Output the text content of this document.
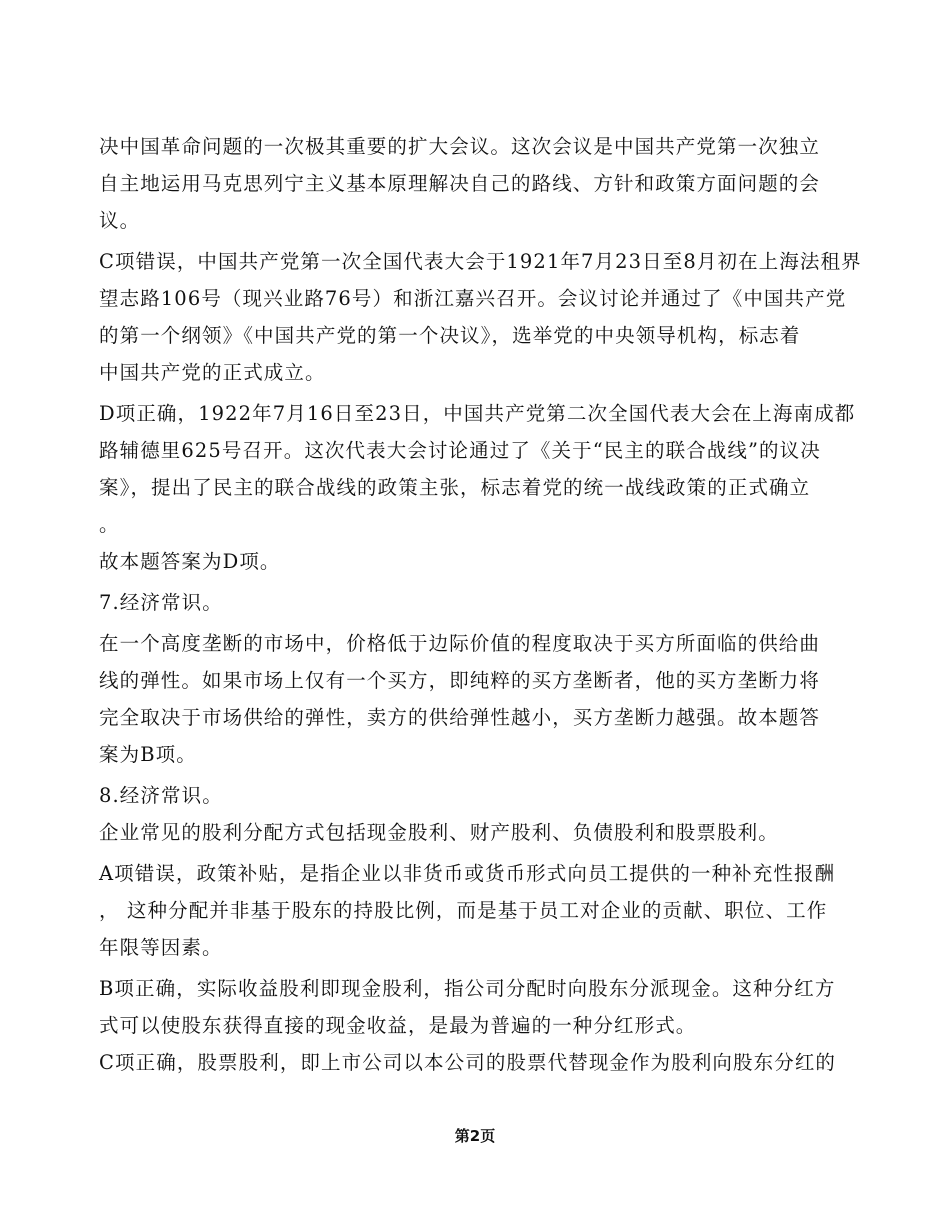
决中国革命问题的一次极其重要的扩大会议。这次会议是中国共产党第一次独立
自主地运用马克思列宁主义基本原理解决自己的路线、方针和政策方面问题的会
议。

C项错误，中国共产党第一次全国代表大会于1921年7月23日至8月初在上海法租界
望志路106号（现兴业路76号）和浙江嘉兴召开。会议讨论并通过了《中国共产党
的第一个纲领》《中国共产党的第一个决议》，选举党的中央领导机构，标志着
中国共产党的正式成立。

D项正确，1922年7月16日至23日，中国共产党第二次全国代表大会在上海南成都
路辅德里625号召开。这次代表大会讨论通过了《关于“民主的联合战线”的议决
案》，提出了民主的联合战线的政策主张，标志着党的统一战线政策的正式确立
。

故本题答案为D项。

7.经济常识。

在一个高度垄断的市场中，价格低于边际价值的程度取决于买方所面临的供给曲
线的弹性。如果市场上仅有一个买方，即纯粹的买方垄断者，他的买方垄断力将
完全取决于市场供给的弹性，卖方的供给弹性越小，买方垄断力越强。故本题答
案为B项。

8.经济常识。

企业常见的股利分配方式包括现金股利、财产股利、负债股利和股票股利。

A项错误，政策补贴，是指企业以非货币或货币形式向员工提供的一种补充性报酬
， 这种分配并非基于股东的持股比例，而是基于员工对企业的贡献、职位、工作
年限等因素。

B项正确，实际收益股利即现金股利，指公司分配时向股东分派现金。这种分红方
式可以使股东获得直接的现金收益，是最为普遍的一种分红形式。

C项正确，股票股利，即上市公司以本公司的股票代替现金作为股利向股东分红的

第2页
